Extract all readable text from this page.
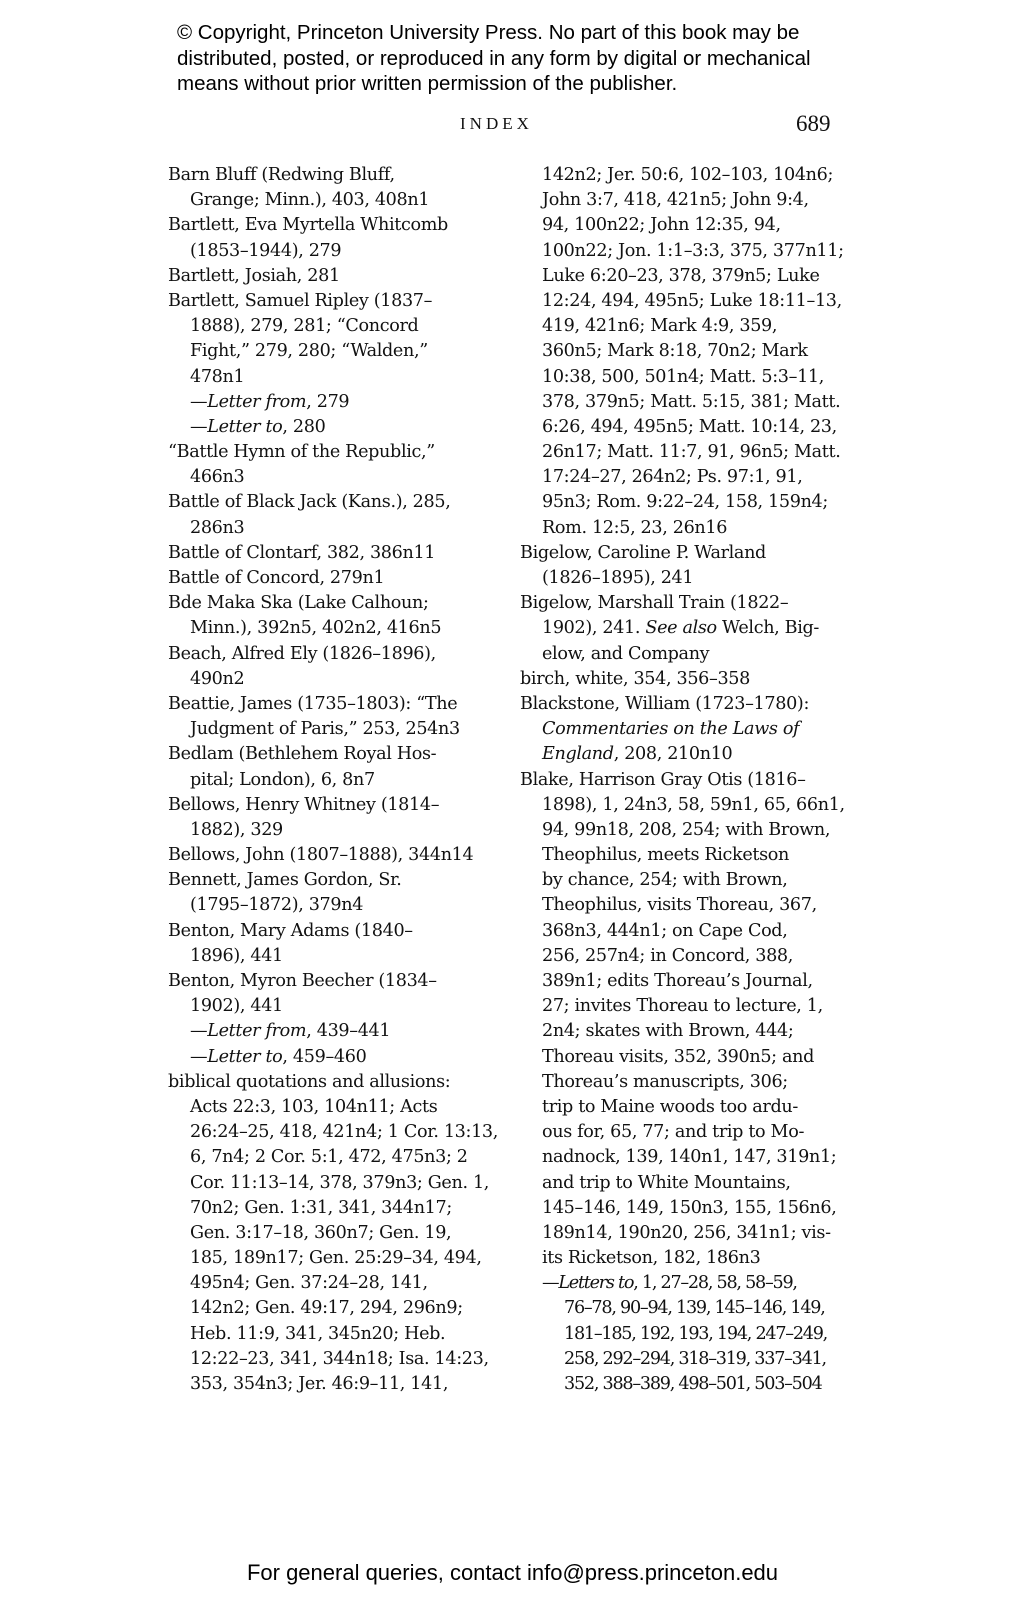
© Copyright, Princeton University Press. No part of this book may be
distributed, posted, or reproduced in any form by digital or mechanical
means without prior written permission of the publisher.
INDEX	689
Barn Bluff (Redwing Bluff,
Grange; Minn.), 403, 408n1
Bartlett, Eva Myrtella Whitcomb
(1853–1944), 279
Bartlett, Josiah, 281
Bartlett, Samuel Ripley (1837–
1888), 279, 281; “Concord
Fight,” 279, 280; “Walden,”
478n1
—Letter from, 279
—Letter to, 280
“Battle Hymn of the Republic,”
466n3
Battle of Black Jack (Kans.), 285,
286n3
Battle of Clontarf, 382, 386n11
Battle of Concord, 279n1
Bde Maka Ska (Lake Calhoun;
Minn.), 392n5, 402n2, 416n5
Beach, Alfred Ely (1826–1896),
490n2
Beattie, James (1735–1803): “The
Judgment of Paris,” 253, 254n3
Bedlam (Bethlehem Royal Hos-
pital; London), 6, 8n7
Bellows, Henry Whitney (1814–
1882), 329
Bellows, John (1807–1888), 344n14
Bennett, James Gordon, Sr.
(1795–1872), 379n4
Benton, Mary Adams (1840–
1896), 441
Benton, Myron Beecher (1834–
1902), 441
—Letter from, 439–441
—Letter to, 459–460
biblical quotations and allusions:
Acts 22:3, 103, 104n11; Acts
26:24–25, 418, 421n4; 1 Cor. 13:13,
6, 7n4; 2 Cor. 5:1, 472, 475n3; 2
Cor. 11:13–14, 378, 379n3; Gen. 1,
70n2; Gen. 1:31, 341, 344n17;
Gen. 3:17–18, 360n7; Gen. 19,
185, 189n17; Gen. 25:29–34, 494,
495n4; Gen. 37:24–28, 141,
142n2; Gen. 49:17, 294, 296n9;
Heb. 11:9, 341, 345n20; Heb.
12:22–23, 341, 344n18; Isa. 14:23,
353, 354n3; Jer. 46:9–11, 141,
142n2; Jer. 50:6, 102–103, 104n6;
John 3:7, 418, 421n5; John 9:4,
94, 100n22; John 12:35, 94,
100n22; Jon. 1:1–3:3, 375, 377n11;
Luke 6:20–23, 378, 379n5; Luke
12:24, 494, 495n5; Luke 18:11–13,
419, 421n6; Mark 4:9, 359,
360n5; Mark 8:18, 70n2; Mark
10:38, 500, 501n4; Matt. 5:3–11,
378, 379n5; Matt. 5:15, 381; Matt.
6:26, 494, 495n5; Matt. 10:14, 23,
26n17; Matt. 11:7, 91, 96n5; Matt.
17:24–27, 264n2; Ps. 97:1, 91,
95n3; Rom. 9:22–24, 158, 159n4;
Rom. 12:5, 23, 26n16
Bigelow, Caroline P. Warland
(1826–1895), 241
Bigelow, Marshall Train (1822–
1902), 241. See also Welch, Big-
elow, and Company
birch, white, 354, 356–358
Blackstone, William (1723–1780):
Commentaries on the Laws of
England, 208, 210n10
Blake, Harrison Gray Otis (1816–
1898), 1, 24n3, 58, 59n1, 65, 66n1,
94, 99n18, 208, 254; with Brown,
Theophilus, meets Ricketson
by chance, 254; with Brown,
Theophilus, visits Thoreau, 367,
368n3, 444n1; on Cape Cod,
256, 257n4; in Concord, 388,
389n1; edits Thoreau’s Journal,
27; invites Thoreau to lecture, 1,
2n4; skates with Brown, 444;
Thoreau visits, 352, 390n5; and
Thoreau’s manuscripts, 306;
trip to Maine woods too ardu-
ous for, 65, 77; and trip to Mo-
nadnock, 139, 140n1, 147, 319n1;
and trip to White Mountains,
145–146, 149, 150n3, 155, 156n6,
189n14, 190n20, 256, 341n1; vis-
its Ricketson, 182, 186n3
—Letters to, 1, 27–28, 58, 58–59,
76–78, 90–94, 139, 145–146, 149,
181–185, 192, 193, 194, 247–249,
258, 292–294, 318–319, 337–341,
352, 388–389, 498–501, 503–504
For general queries, contact info@press.princeton.edu
